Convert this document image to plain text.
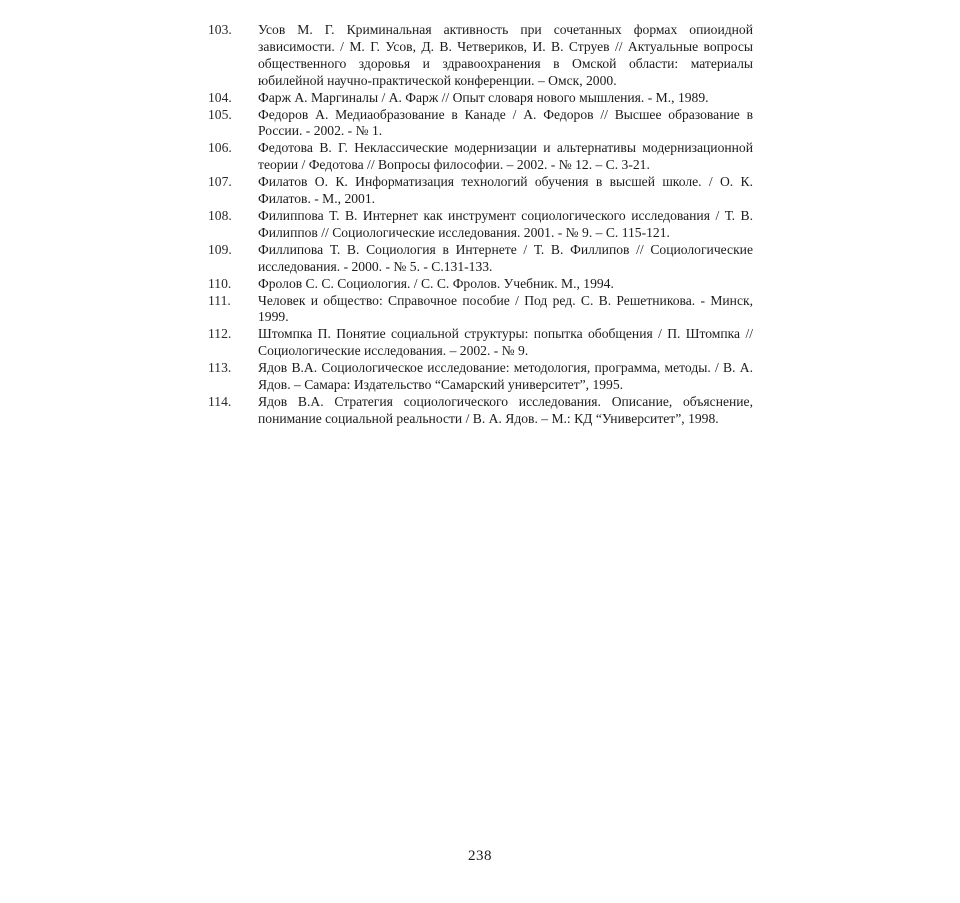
103.	Усов М. Г. Криминальная активность при сочетанных формах опиоидной зависимости. / М. Г. Усов, Д. В. Четвериков, И. В. Струев // Актуальные вопросы общественного здоровья и здравоохранения в Омской области: материалы юбилейной научно-практической конференции. – Омск, 2000.
104.	Фарж А. Маргиналы / А. Фарж // Опыт словаря нового мышления. - М., 1989.
105.	Федоров А. Медиаобразование в Канаде / А. Федоров // Высшее образование в России. - 2002. - № 1.
106.	Федотова В. Г. Неклассические модернизации и альтернативы модернизационной теории / Федотова // Вопросы философии. – 2002. - № 12. – С. 3-21.
107.	Филатов О. К. Информатизация технологий обучения в высшей школе. / О. К. Филатов. - М., 2001.
108.	Филиппова Т. В. Интернет как инструмент социологического исследования / Т. В. Филиппов // Социологические исследования. 2001. - № 9. – С. 115-121.
109.	Филлипова Т. В. Социология в Интернете / Т. В. Филлипов // Социологические исследования. - 2000. - № 5. - С.131-133.
110.	Фролов С. С. Социология. / С. С. Фролов. Учебник. М., 1994.
111.	Человек и общество: Справочное пособие / Под ред. С. В. Решетникова. - Минск, 1999.
112.	Штомпка П. Понятие социальной структуры: попытка обобщения / П. Штомпка // Социологические исследования. – 2002. - № 9.
113.	Ядов В.А. Социологическое исследование: методология, программа, методы. / В. А. Ядов. – Самара: Издательство “Самарский университет”, 1995.
114.	Ядов В.А. Стратегия социологического исследования. Описание, объяснение, понимание социальной реальности / В. А. Ядов. – М.: КД “Университет”, 1998.
238
